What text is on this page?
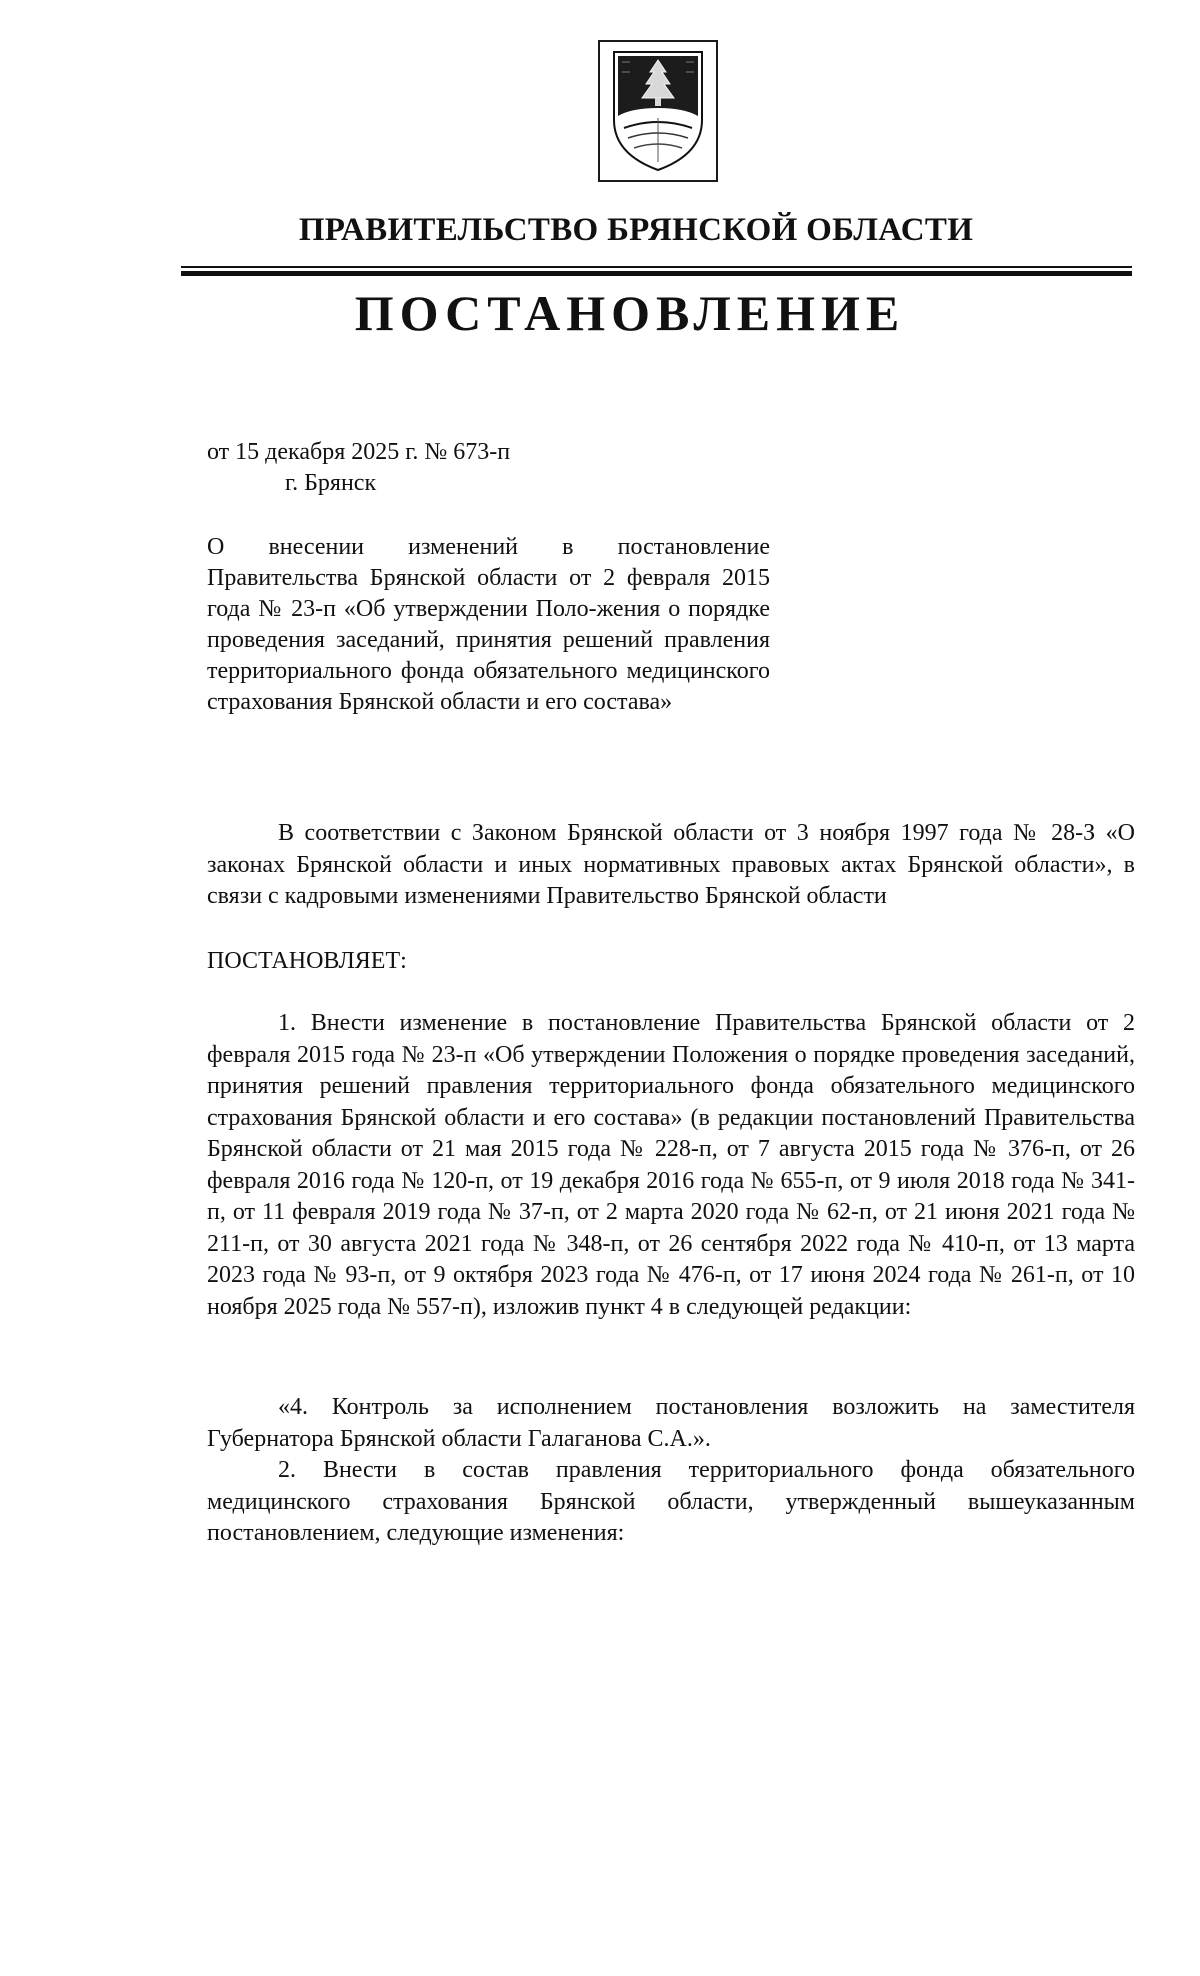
ПРАВИТЕЛЬСТВО БРЯНСКОЙ ОБЛАСТИ
ПОСТАНОВЛЕНИЕ
от 15 декабря 2025 г. № 673-п
г. Брянск

О внесении изменений в постановление Правительства Брянской области от 2 февраля 2015 года № 23-п «Об утверждении Поло-жения о порядке проведения заседаний, принятия решений правления территориального фонда обязательного медицинского страхования Брянской области и его состава»

В соответствии с Законом Брянской области от 3 ноября 1997 года № 28-З «О законах Брянской области и иных нормативных правовых актах Брянской области», в связи с кадровыми изменениями Правительство Брянской области

ПОСТАНОВЛЯЕТ:

1. Внести изменение в постановление Правительства Брянской области от 2 февраля 2015 года № 23-п «Об утверждении Положения о порядке проведения заседаний, принятия решений правления территориального фонда обязательного медицинского страхования Брянской области и его состава» (в редакции постановлений Правительства Брянской области от 21 мая 2015 года № 228-п, от 7 августа 2015 года № 376-п, от 26 февраля 2016 года № 120-п, от 19 декабря 2016 года № 655-п, от 9 июля 2018 года № 341-п, от 11 февраля 2019 года № 37-п, от 2 марта 2020 года № 62-п, от 21 июня 2021 года № 211-п, от 30 августа 2021 года № 348-п, от 26 сентября 2022 года № 410-п, от 13 марта 2023 года № 93-п, от 9 октября 2023 года № 476-п, от 17 июня 2024 года № 261-п, от 10 ноября 2025 года № 557-п), изложив пункт 4 в следующей редакции:

«4. Контроль за исполнением постановления возложить на заместителя Губернатора Брянской области Галаганова С.А.».

2. Внести в состав правления территориального фонда обязательного медицинского страхования Брянской области, утвержденный вышеуказанным постановлением, следующие изменения:
